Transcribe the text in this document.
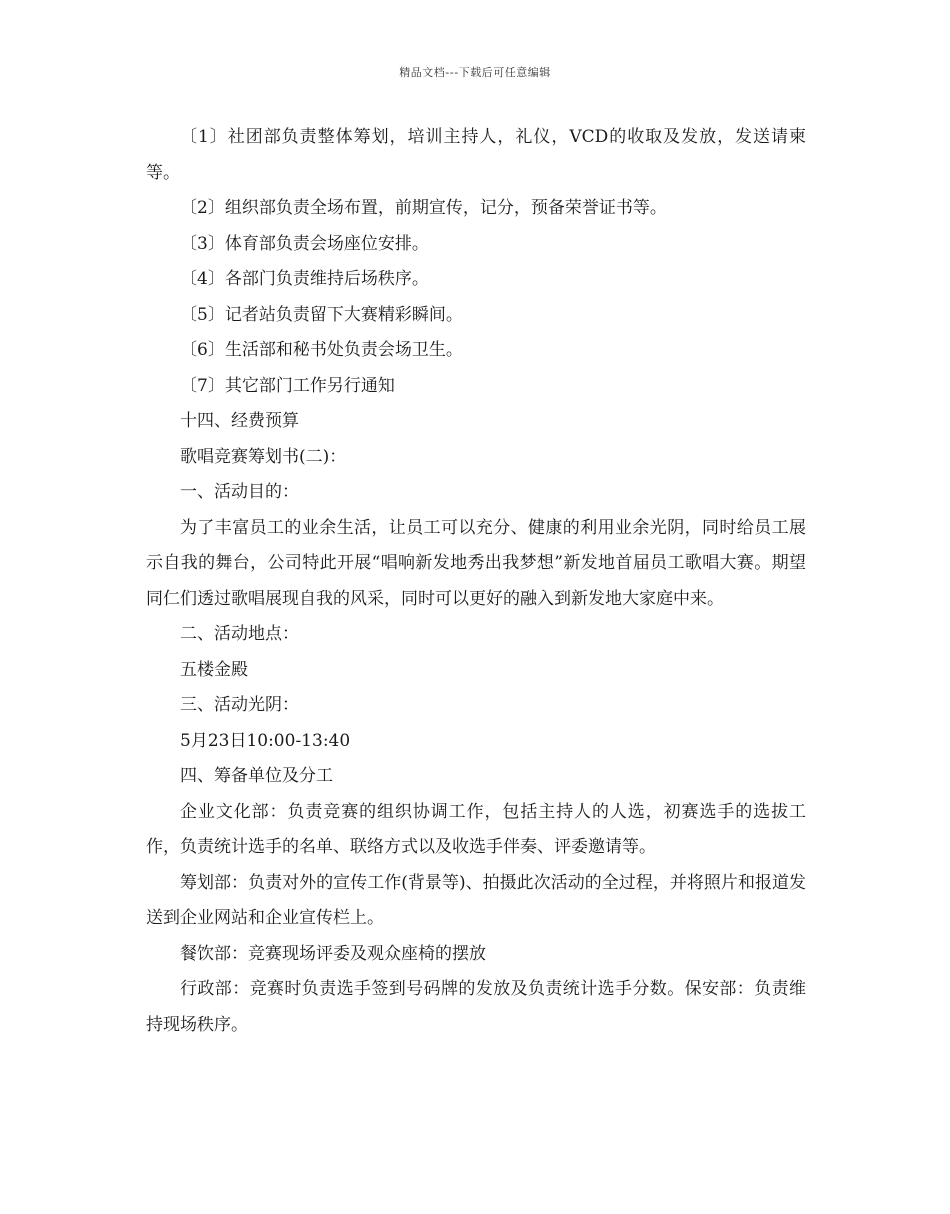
精品文档---下载后可任意编辑

〔1〕社团部负责整体筹划，培训主持人，礼仪，VCD的收取及发放，发送请柬等。

〔2〕组织部负责全场布置，前期宣传，记分，预备荣誉证书等。

〔3〕体育部负责会场座位安排。

〔4〕各部门负责维持后场秩序。

〔5〕记者站负责留下大赛精彩瞬间。

〔6〕生活部和秘书处负责会场卫生。

〔7〕其它部门工作另行通知

十四、经费预算

歌唱竞赛筹划书(二)：

一、活动目的：

为了丰富员工的业余生活，让员工可以充分、健康的利用业余光阴，同时给员工展示自我的舞台，公司特此开展“唱响新发地秀出我梦想”新发地首届员工歌唱大赛。期望同仁们透过歌唱展现自我的风采，同时可以更好的融入到新发地大家庭中来。

二、活动地点：

五楼金殿

三、活动光阴：

5月23日10:00-13:40

四、筹备单位及分工

企业文化部：负责竞赛的组织协调工作，包括主持人的人选，初赛选手的选拔工作，负责统计选手的名单、联络方式以及收选手伴奏、评委邀请等。

筹划部：负责对外的宣传工作(背景等)、拍摄此次活动的全过程，并将照片和报道发送到企业网站和企业宣传栏上。

餐饮部：竞赛现场评委及观众座椅的摆放

行政部：竞赛时负责选手签到号码牌的发放及负责统计选手分数。保安部：负责维持现场秩序。
